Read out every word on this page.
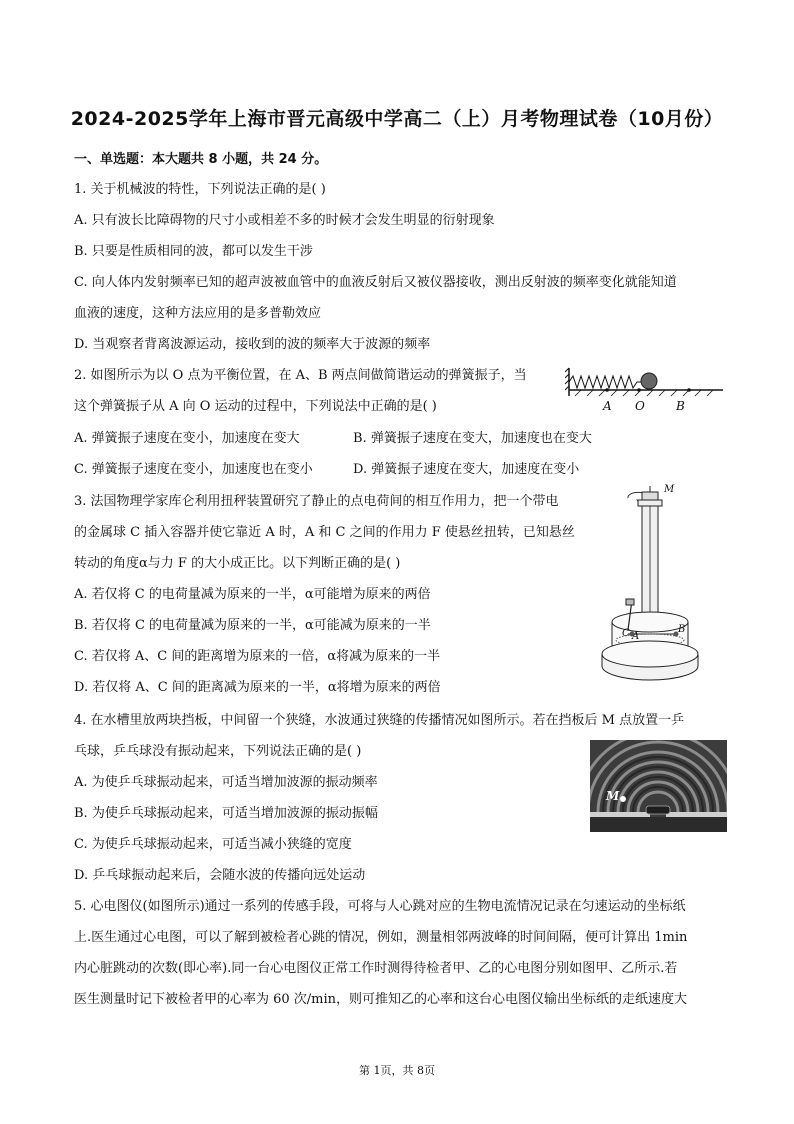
2024-2025学年上海市晋元高级中学高二（上）月考物理试卷（10月份）
一、单选题：本大题共 8 小题，共 24 分。
1. 关于机械波的特性，下列说法正确的是( )
A. 只有波长比障碍物的尺寸小或相差不多的时候才会发生明显的衍射现象
B. 只要是性质相同的波，都可以发生干涉
C. 向人体内发射频率已知的超声波被血管中的血液反射后又被仪器接收，测出反射波的频率变化就能知道
血液的速度，这种方法应用的是多普勒效应
D. 当观察者背离波源运动，接收到的波的频率大于波源的频率
2. 如图所示为以 O 点为平衡位置，在 A、B 两点间做简谐运动的弹簧振子，当
这个弹簧振子从 A 向 O 运动的过程中，下列说法中正确的是( )
A. 弹簧振子速度在变小，加速度在变大	B. 弹簧振子速度在变大，加速度也在变大
C. 弹簧振子速度在变小，加速度也在变小	D. 弹簧振子速度在变大，加速度在变小
A O	B
3. 法国物理学家库仑利用扭秤装置研究了静止的点电荷间的相互作用力，把一个带电
的金属球 C 插入容器并使它靠近 A 时，A 和 C 之间的作用力 F 使悬丝扭转，已知悬丝
转动的角度α与力 F 的大小成正比。以下判断正确的是( )
A. 若仅将 C 的电荷量减为原来的一半，α可能增为原来的两倍
B. 若仅将 C 的电荷量减为原来的一半，α可能减为原来的一半
C. 若仅将 A、C 间的距离增为原来的一倍，α将减为原来的一半
D. 若仅将 A、C 间的距离减为原来的一半，α将增为原来的两倍
M
B
C A
4. 在水槽里放两块挡板，中间留一个狭缝，水波通过狭缝的传播情况如图所示。若在挡板后 M 点放置一乒
乓球，乒乓球没有振动起来，下列说法正确的是( )
A. 为使乒乓球振动起来，可适当增加波源的振动频率
B. 为使乒乓球振动起来，可适当增加波源的振动振幅
C. 为使乒乓球振动起来，可适当减小狭缝的宽度
D. 乒乓球振动起来后，会随水波的传播向远处运动
M
5. 心电图仪(如图所示)通过一系列的传感手段，可将与人心跳对应的生物电流情况记录在匀速运动的坐标纸
上.医生通过心电图，可以了解到被检者心跳的情况，例如，测量相邻两波峰的时间间隔，便可计算出 1min
内心脏跳动的次数(即心率).同一台心电图仪正常工作时测得待检者甲、乙的心电图分别如图甲、乙所示.若
医生测量时记下被检者甲的心率为 60 次/min，则可推知乙的心率和这台心电图仪输出坐标纸的走纸速度大
第 1页，共 8页
